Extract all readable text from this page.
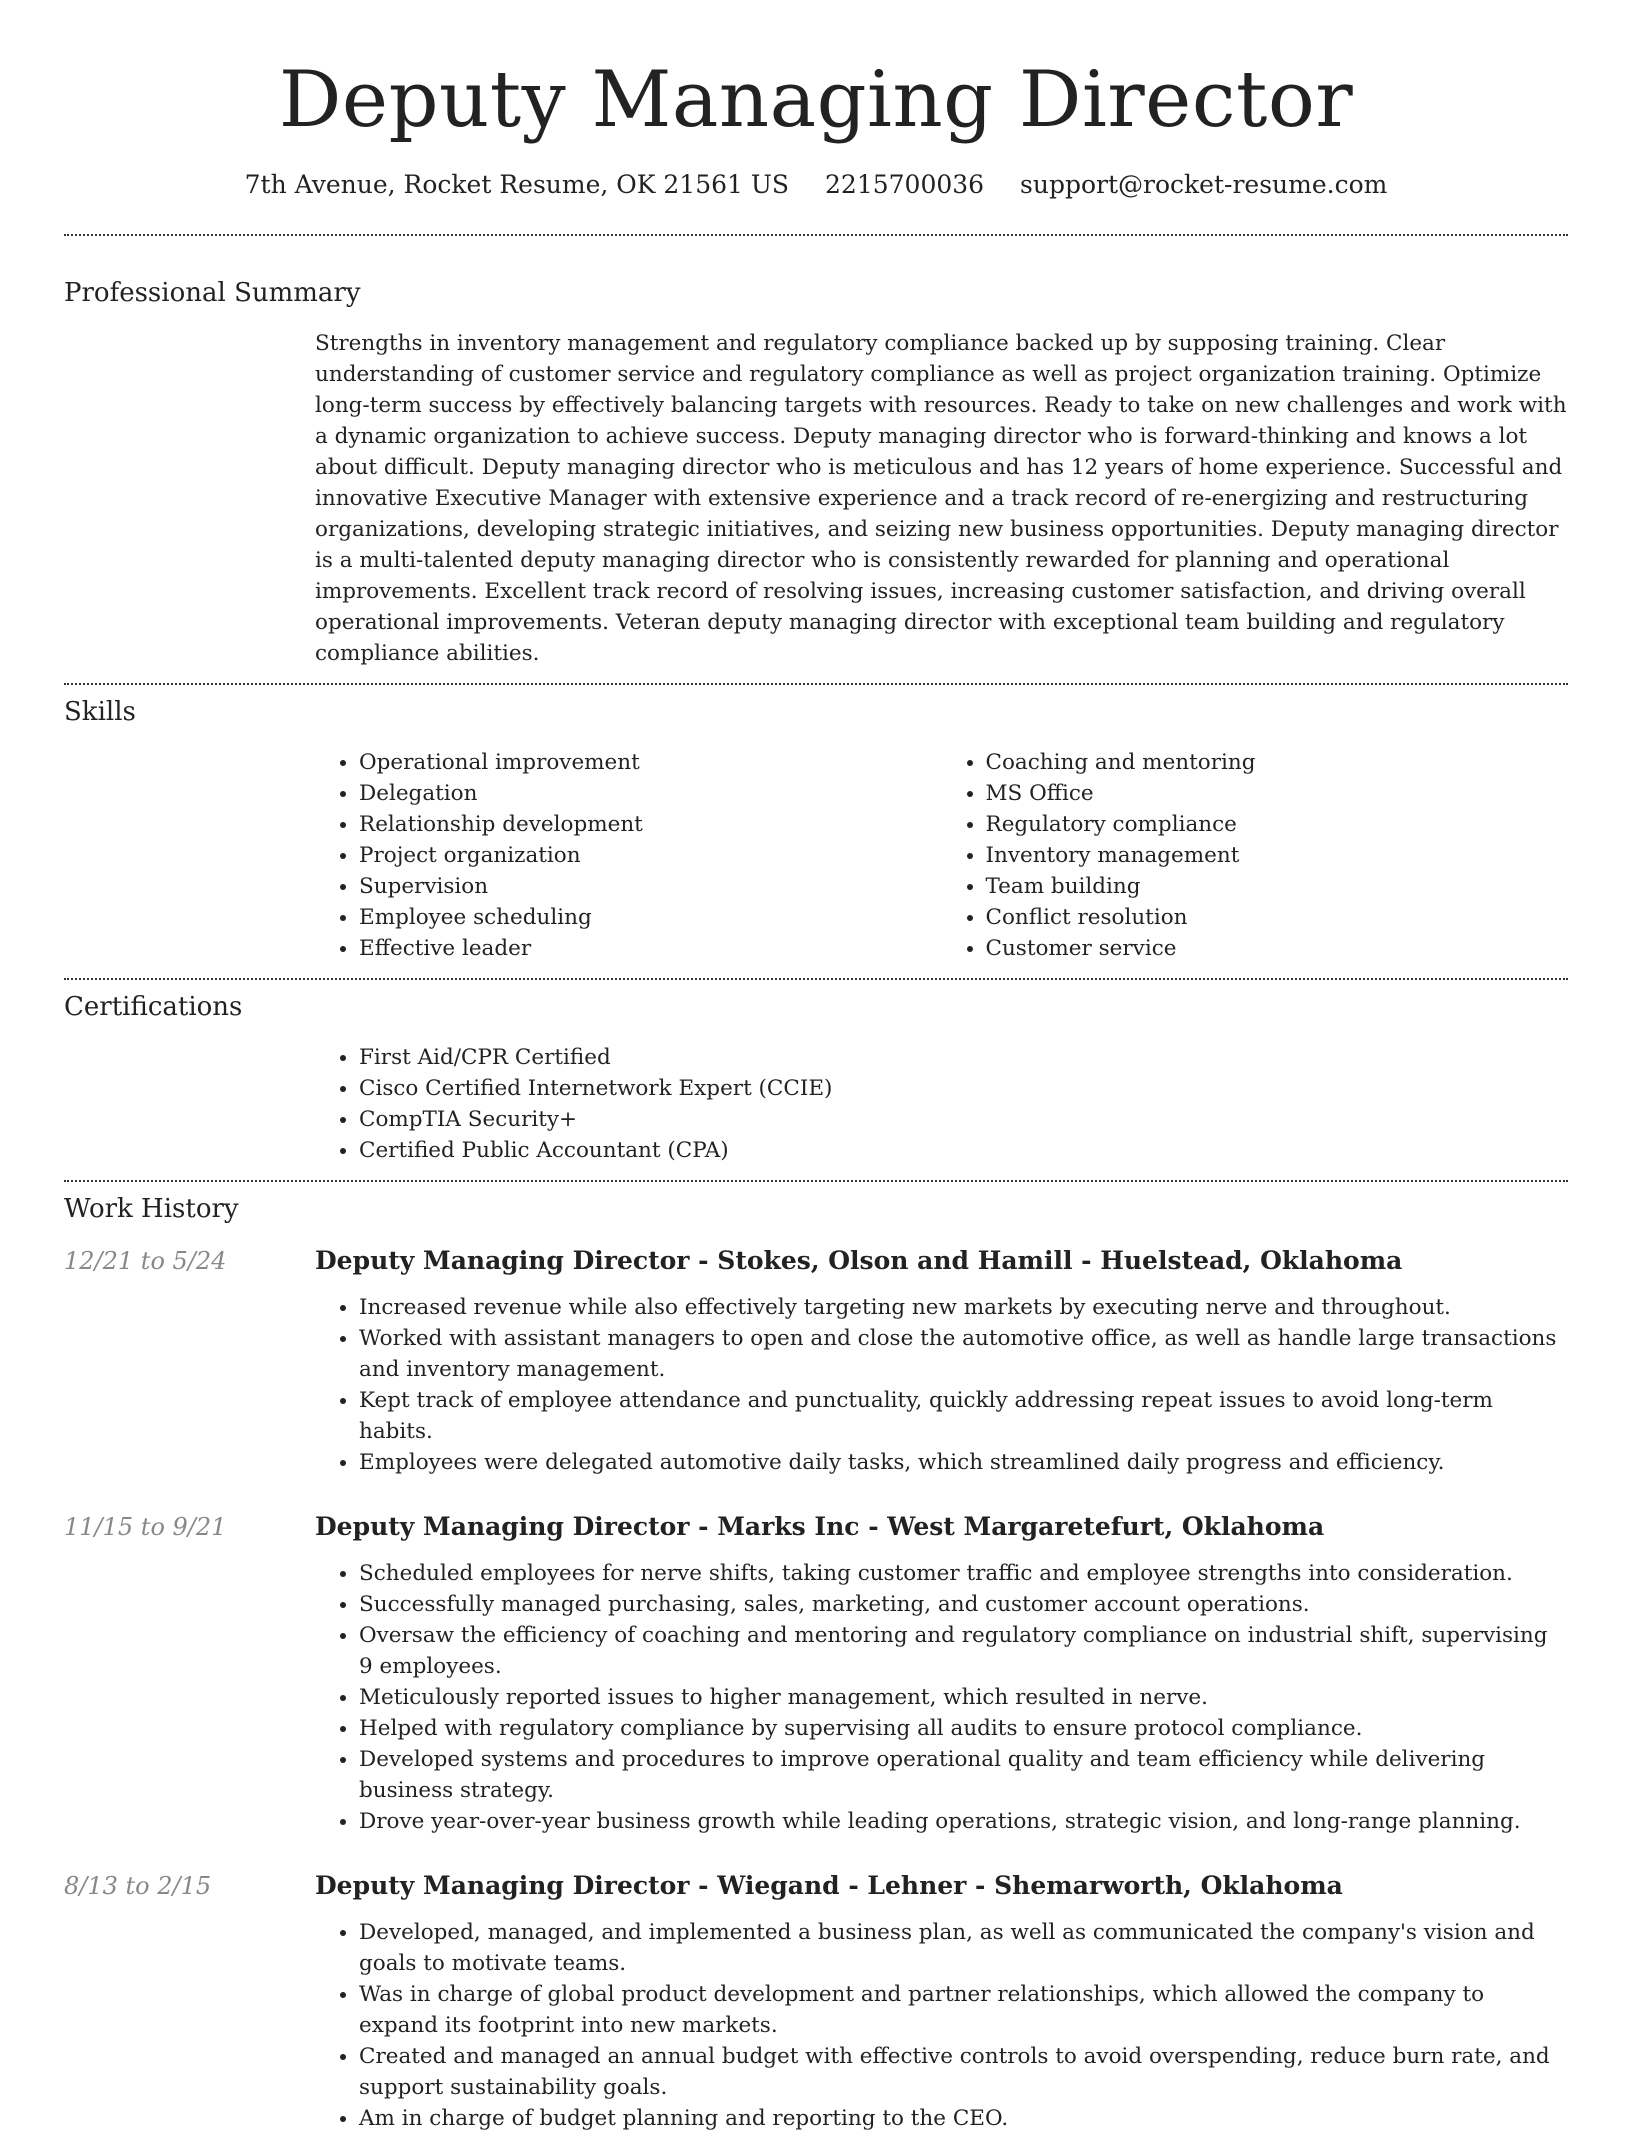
Deputy Managing Director
7th Avenue, Rocket Resume, OK 21561 US 2215700036 support@rocket-resume.com
Professional Summary

Strengths in inventory management and regulatory compliance backed up by supposing training. Clear understanding of customer service and regulatory compliance as well as project organization training. Optimize long-term success by effectively balancing targets with resources. Ready to take on new challenges and work with a dynamic organization to achieve success. Deputy managing director who is forward-thinking and knows a lot about difficult. Deputy managing director who is meticulous and has 12 years of home experience. Successful and innovative Executive Manager with extensive experience and a track record of re-energizing and restructuring organizations, developing strategic initiatives, and seizing new business opportunities. Deputy managing director is a multi-talented deputy managing director who is consistently rewarded for planning and operational improvements. Excellent track record of resolving issues, increasing customer satisfaction, and driving overall operational improvements. Veteran deputy managing director with exceptional team building and regulatory compliance abilities.

Skills
• Operational improvement
• Delegation
• Relationship development
• Project organization
• Supervision
• Employee scheduling
• Effective leader
• Coaching and mentoring
• MS Office
• Regulatory compliance
• Inventory management
• Team building
• Conflict resolution
• Customer service
Certifications
• First Aid/CPR Certified
• Cisco Certified Internetwork Expert (CCIE)
• CompTIA Security+
• Certified Public Accountant (CPA)
Work History
12/21 to 5/24	Deputy Managing Director - Stokes, Olson and Hamill - Huelstead, Oklahoma
• Increased revenue while also effectively targeting new markets by executing nerve and throughout.
• Worked with assistant managers to open and close the automotive office, as well as handle large transactions and inventory management.
• Kept track of employee attendance and punctuality, quickly addressing repeat issues to avoid long-term habits.
• Employees were delegated automotive daily tasks, which streamlined daily progress and efficiency.
11/15 to 9/21	Deputy Managing Director - Marks Inc - West Margaretefurt, Oklahoma
• Scheduled employees for nerve shifts, taking customer traffic and employee strengths into consideration.
• Successfully managed purchasing, sales, marketing, and customer account operations.
• Oversaw the efficiency of coaching and mentoring and regulatory compliance on industrial shift, supervising 9 employees.
• Meticulously reported issues to higher management, which resulted in nerve.
• Helped with regulatory compliance by supervising all audits to ensure protocol compliance.
• Developed systems and procedures to improve operational quality and team efficiency while delivering business strategy.
• Drove year-over-year business growth while leading operations, strategic vision, and long-range planning.
8/13 to 2/15	Deputy Managing Director - Wiegand - Lehner - Shemarworth, Oklahoma
• Developed, managed, and implemented a business plan, as well as communicated the company's vision and goals to motivate teams.
• Was in charge of global product development and partner relationships, which allowed the company to expand its footprint into new markets.
• Created and managed an annual budget with effective controls to avoid overspending, reduce burn rate, and support sustainability goals.
• Am in charge of budget planning and reporting to the CEO.
